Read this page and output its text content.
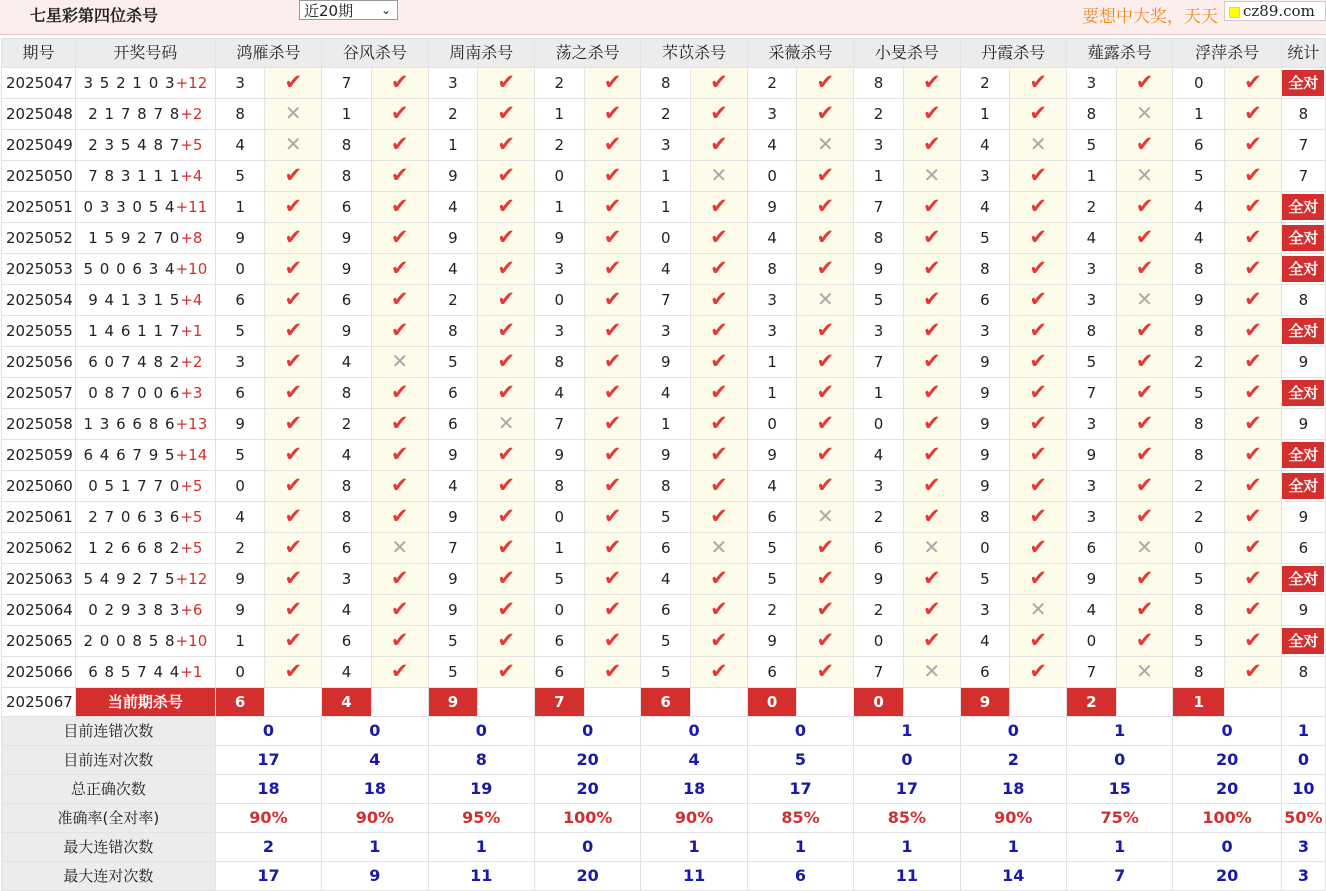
七星彩第四位杀号	近20期 ⌄	要想中大奖，天天	cz89.com
期号	开奖号码	鸿雁杀号		谷风杀号		周南杀号		荡之杀号		芣苡杀号		采薇杀号		小旻杀号		丹霞杀号		薤露杀号		浮萍杀号		统计
2025047	3 5 2 1 0 3+12	3	✔	7	✔	3	✔	2	✔	8	✔	2	✔	8	✔	2	✔	3	✔	0	✔	全对
2025048	2 1 7 8 7 8+2	8	✕	1	✔	2	✔	1	✔	2	✔	3	✔	2	✔	1	✔	8	✕	1	✔	8
2025049	2 3 5 4 8 7+5	4	✕	8	✔	1	✔	2	✔	3	✔	4	✕	3	✔	4	✕	5	✔	6	✔	7
2025050	7 8 3 1 1 1+4	5	✔	8	✔	9	✔	0	✔	1	✕	0	✔	1	✕	3	✔	1	✕	5	✔	7
2025051	0 3 3 0 5 4+11	1	✔	6	✔	4	✔	1	✔	1	✔	9	✔	7	✔	4	✔	2	✔	4	✔	全对
2025052	1 5 9 2 7 0+8	9	✔	9	✔	9	✔	9	✔	0	✔	4	✔	8	✔	5	✔	4	✔	4	✔	全对
2025053	5 0 0 6 3 4+10	0	✔	9	✔	4	✔	3	✔	4	✔	8	✔	9	✔	8	✔	3	✔	8	✔	全对
2025054	9 4 1 3 1 5+4	6	✔	6	✔	2	✔	0	✔	7	✔	3	✕	5	✔	6	✔	3	✕	9	✔	8
2025055	1 4 6 1 1 7+1	5	✔	9	✔	8	✔	3	✔	3	✔	3	✔	3	✔	3	✔	8	✔	8	✔	全对
2025056	6 0 7 4 8 2+2	3	✔	4	✕	5	✔	8	✔	9	✔	1	✔	7	✔	9	✔	5	✔	2	✔	9
2025057	0 8 7 0 0 6+3	6	✔	8	✔	6	✔	4	✔	4	✔	1	✔	1	✔	9	✔	7	✔	5	✔	全对
2025058	1 3 6 6 8 6+13	9	✔	2	✔	6	✕	7	✔	1	✔	0	✔	0	✔	9	✔	3	✔	8	✔	9
2025059	6 4 6 7 9 5+14	5	✔	4	✔	9	✔	9	✔	9	✔	9	✔	4	✔	9	✔	9	✔	8	✔	全对
2025060	0 5 1 7 7 0+5	0	✔	8	✔	4	✔	8	✔	8	✔	4	✔	3	✔	9	✔	3	✔	2	✔	全对
2025061	2 7 0 6 3 6+5	4	✔	8	✔	9	✔	0	✔	5	✔	6	✕	2	✔	8	✔	3	✔	2	✔	9
2025062	1 2 6 6 8 2+5	2	✔	6	✕	7	✔	1	✔	6	✕	5	✔	6	✕	0	✔	6	✕	0	✔	6
2025063	5 4 9 2 7 5+12	9	✔	3	✔	9	✔	5	✔	4	✔	5	✔	9	✔	5	✔	9	✔	5	✔	全对
2025064	0 2 9 3 8 3+6	9	✔	4	✔	9	✔	0	✔	6	✔	2	✔	2	✔	3	✕	4	✔	8	✔	9
2025065	2 0 0 8 5 8+10	1	✔	6	✔	5	✔	6	✔	5	✔	9	✔	0	✔	4	✔	0	✔	5	✔	全对
2025066	6 8 5 7 4 4+1	0	✔	4	✔	5	✔	6	✔	5	✔	6	✔	7	✕	6	✔	7	✕	8	✔	8
2025067	当前期杀号	6		4		9		7		6		0		0		9		2		1		
目前连错次数		0		0		0		0		0		0		1		0		1		0		1
目前连对次数		17		4		8		20		4		5		0		2		0		20		0
总正确次数		18		18		19		20		18		17		17		18		15		20		10
准确率(全对率)		90%		90%		95%		100%		90%		85%		85%		90%		75%		100%		50%
最大连错次数		2		1		1		0		1		1		1		1		1		0		3
最大连对次数		17		9		11		20		11		6		11		14		7		20		3
